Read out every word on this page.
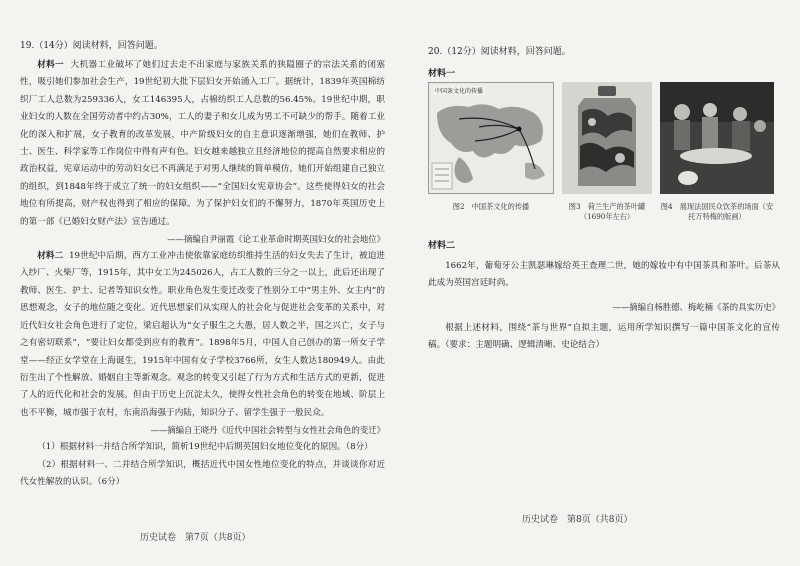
19.（14分）阅读材料，回答问题。

材料一 大机器工业破坏了她们过去走不出家庭与家族关系的狭隘圈子的宗法关系的闭塞性，吸引她们参加社会生产，19世纪初大批下层妇女开始涌入工厂。据统计，1839年英国棉纺织厂工人总数为259336人，女工146395人，占棉纺织工人总数的56.45%。19世纪中期，职业妇女的人数在全国劳动者中约占30%，工人的妻子和女儿成为男工不可缺少的帮手。随着工业化的深入和扩展，女子教育的改革发展，中产阶级妇女的自主意识逐渐增强，她们在教师、护士、医生、科学家等工作岗位中得有声有色。妇女越来越独立且经济地位的提高自然要求相应的政治权益，宪章运动中的劳动妇女已不再满足于对男人继续的简单模仿，她们开始组建自己独立的组织，到1848年终于成立了统一的妇女组织——“全国妇女宪章协会”。这些使得妇女的社会地位有所提高，财产权也得到了相应的保障。为了保护妇女们的不懈努力，1870年英国历史上的第一部《已婚妇女财产法》宣告通过。

——摘编自尹丽霞《论工业革命时期英国妇女的社会地位》

材料二 19世纪中后期，西方工业冲击使依靠家庭纺织维持生活的妇女失去了生计，被迫进入纱厂、火柴厂等，1915年，其中女工为245026人，占工人数的三分之一以上，此后还出现了教师、医生、护士、记者等知识女性。职业角色发生变迁改变了性别分工中“男主外、女主内”的思想观念，女子的地位随之变化。近代思想家们从实现人的社会化与促进社会变革的关系中，对近代妇女社会角色进行了定位，梁启超认为“女子服生之大愚，居人数之半，国之兴亡，女子与之有密切联系”，“要让妇女都受到应有的教育”。1898年5月，中国人自己创办的第一所女子学堂——经正女学堂在上海诞生，1915年中国有女子学校3766所，女生人数达180949人。由此衍生出了个性解放、婚姻自主等新观念。观念的转变又引起了行为方式和生活方式的更新，促进了人的近代化和社会的发展。但由于历史上沉淀太久，使得女性社会角色的转变在地域、阶层上也不平衡，城市强于农村，东南沿海强于内陆，知识分子、留学生强于一般民众。

——摘编自王晓丹《近代中国社会转型与女性社会角色的变迁》

（1）根据材料一并结合所学知识，简析19世纪中后期英国妇女地位变化的原因。（8分）

（2）根据材料一、二并结合所学知识，概括近代中国女性地位变化的特点，并谈谈你对近代女性解放的认识。（6分）

历史试卷　第7页（共8页）

20.（12分）阅读材料，回答问题。

材料一

中国茶文化的传播
图2　中国茶文化的传播	图3　荷兰生产的茶叶罐（1690年左右）
图4　展现法国民众饮茶的场面（安托万特梅的版画）

材料二

1662年，葡萄牙公主凯瑟琳嫁给英王查理二世，她的嫁妆中有中国茶具和茶叶。后茶从此成为英国宫廷时尚。

——摘编自杨胜德、梅屹楠《茶的具实历史》

根据上述材料，围绕“茶与世界”自拟主题，运用所学知识撰写一篇中国茶文化的宣传稿。（要求：主题明确、逻辑清晰、史论结合）

历史试卷　第8页（共8页）
